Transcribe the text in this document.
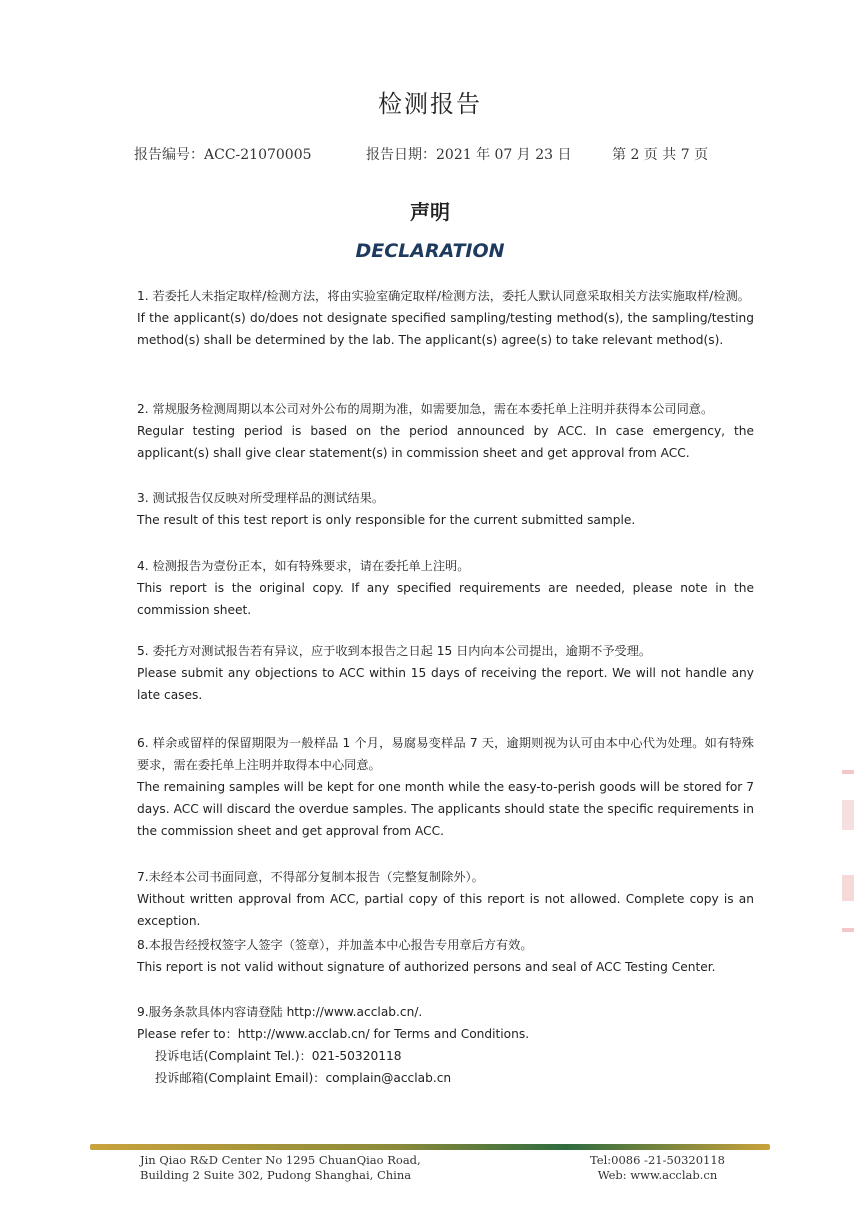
检测报告
报告编号：ACC-21070005	报告日期：2021 年 07 月 23 日	第 2 页 共 7 页
声明
DECLARATION
1. 若委托人未指定取样/检测方法，将由实验室确定取样/检测方法，委托人默认同意采取相关方法实施取样/检测。
If the applicant(s) do/does not designate specified sampling/testing method(s), the sampling/testing method(s) shall be determined by the lab. The applicant(s) agree(s) to take relevant method(s).
2. 常规服务检测周期以本公司对外公布的周期为准，如需要加急，需在本委托单上注明并获得本公司同意。
Regular testing period is based on the period announced by ACC. In case emergency, the applicant(s) shall give clear statement(s) in commission sheet and get approval from ACC.
3. 测试报告仅反映对所受理样品的测试结果。
The result of this test report is only responsible for the current submitted sample.
4. 检测报告为壹份正本，如有特殊要求，请在委托单上注明。
This report is the original copy. If any specified requirements are needed, please note in the commission sheet.
5. 委托方对测试报告若有异议，应于收到本报告之日起 15 日内向本公司提出，逾期不予受理。
Please submit any objections to ACC within 15 days of receiving the report. We will not handle any late cases.
6. 样余或留样的保留期限为一般样品 1 个月，易腐易变样品 7 天，逾期则视为认可由本中心代为处理。如有特殊要求，需在委托单上注明并取得本中心同意。
The remaining samples will be kept for one month while the easy-to-perish goods will be stored for 7 days. ACC will discard the overdue samples. The applicants should state the specific requirements in the commission sheet and get approval from ACC.
7.未经本公司书面同意，不得部分复制本报告（完整复制除外）。
Without written approval from ACC, partial copy of this report is not allowed. Complete copy is an exception.
8.本报告经授权签字人签字（签章），并加盖本中心报告专用章后方有效。
This report is not valid without signature of authorized persons and seal of ACC Testing Center.
9.服务条款具体内容请登陆 http://www.acclab.cn/.
Please refer to：http://www.acclab.cn/ for Terms and Conditions.
投诉电话(Complaint Tel.)：021-50320118
投诉邮箱(Complaint Email)：complain@acclab.cn
Jin Qiao R&D Center No 1295 ChuanQiao Road,
Building 2 Suite 302, Pudong Shanghai, China
Tel:0086 -21-50320118
Web: www.acclab.cn
